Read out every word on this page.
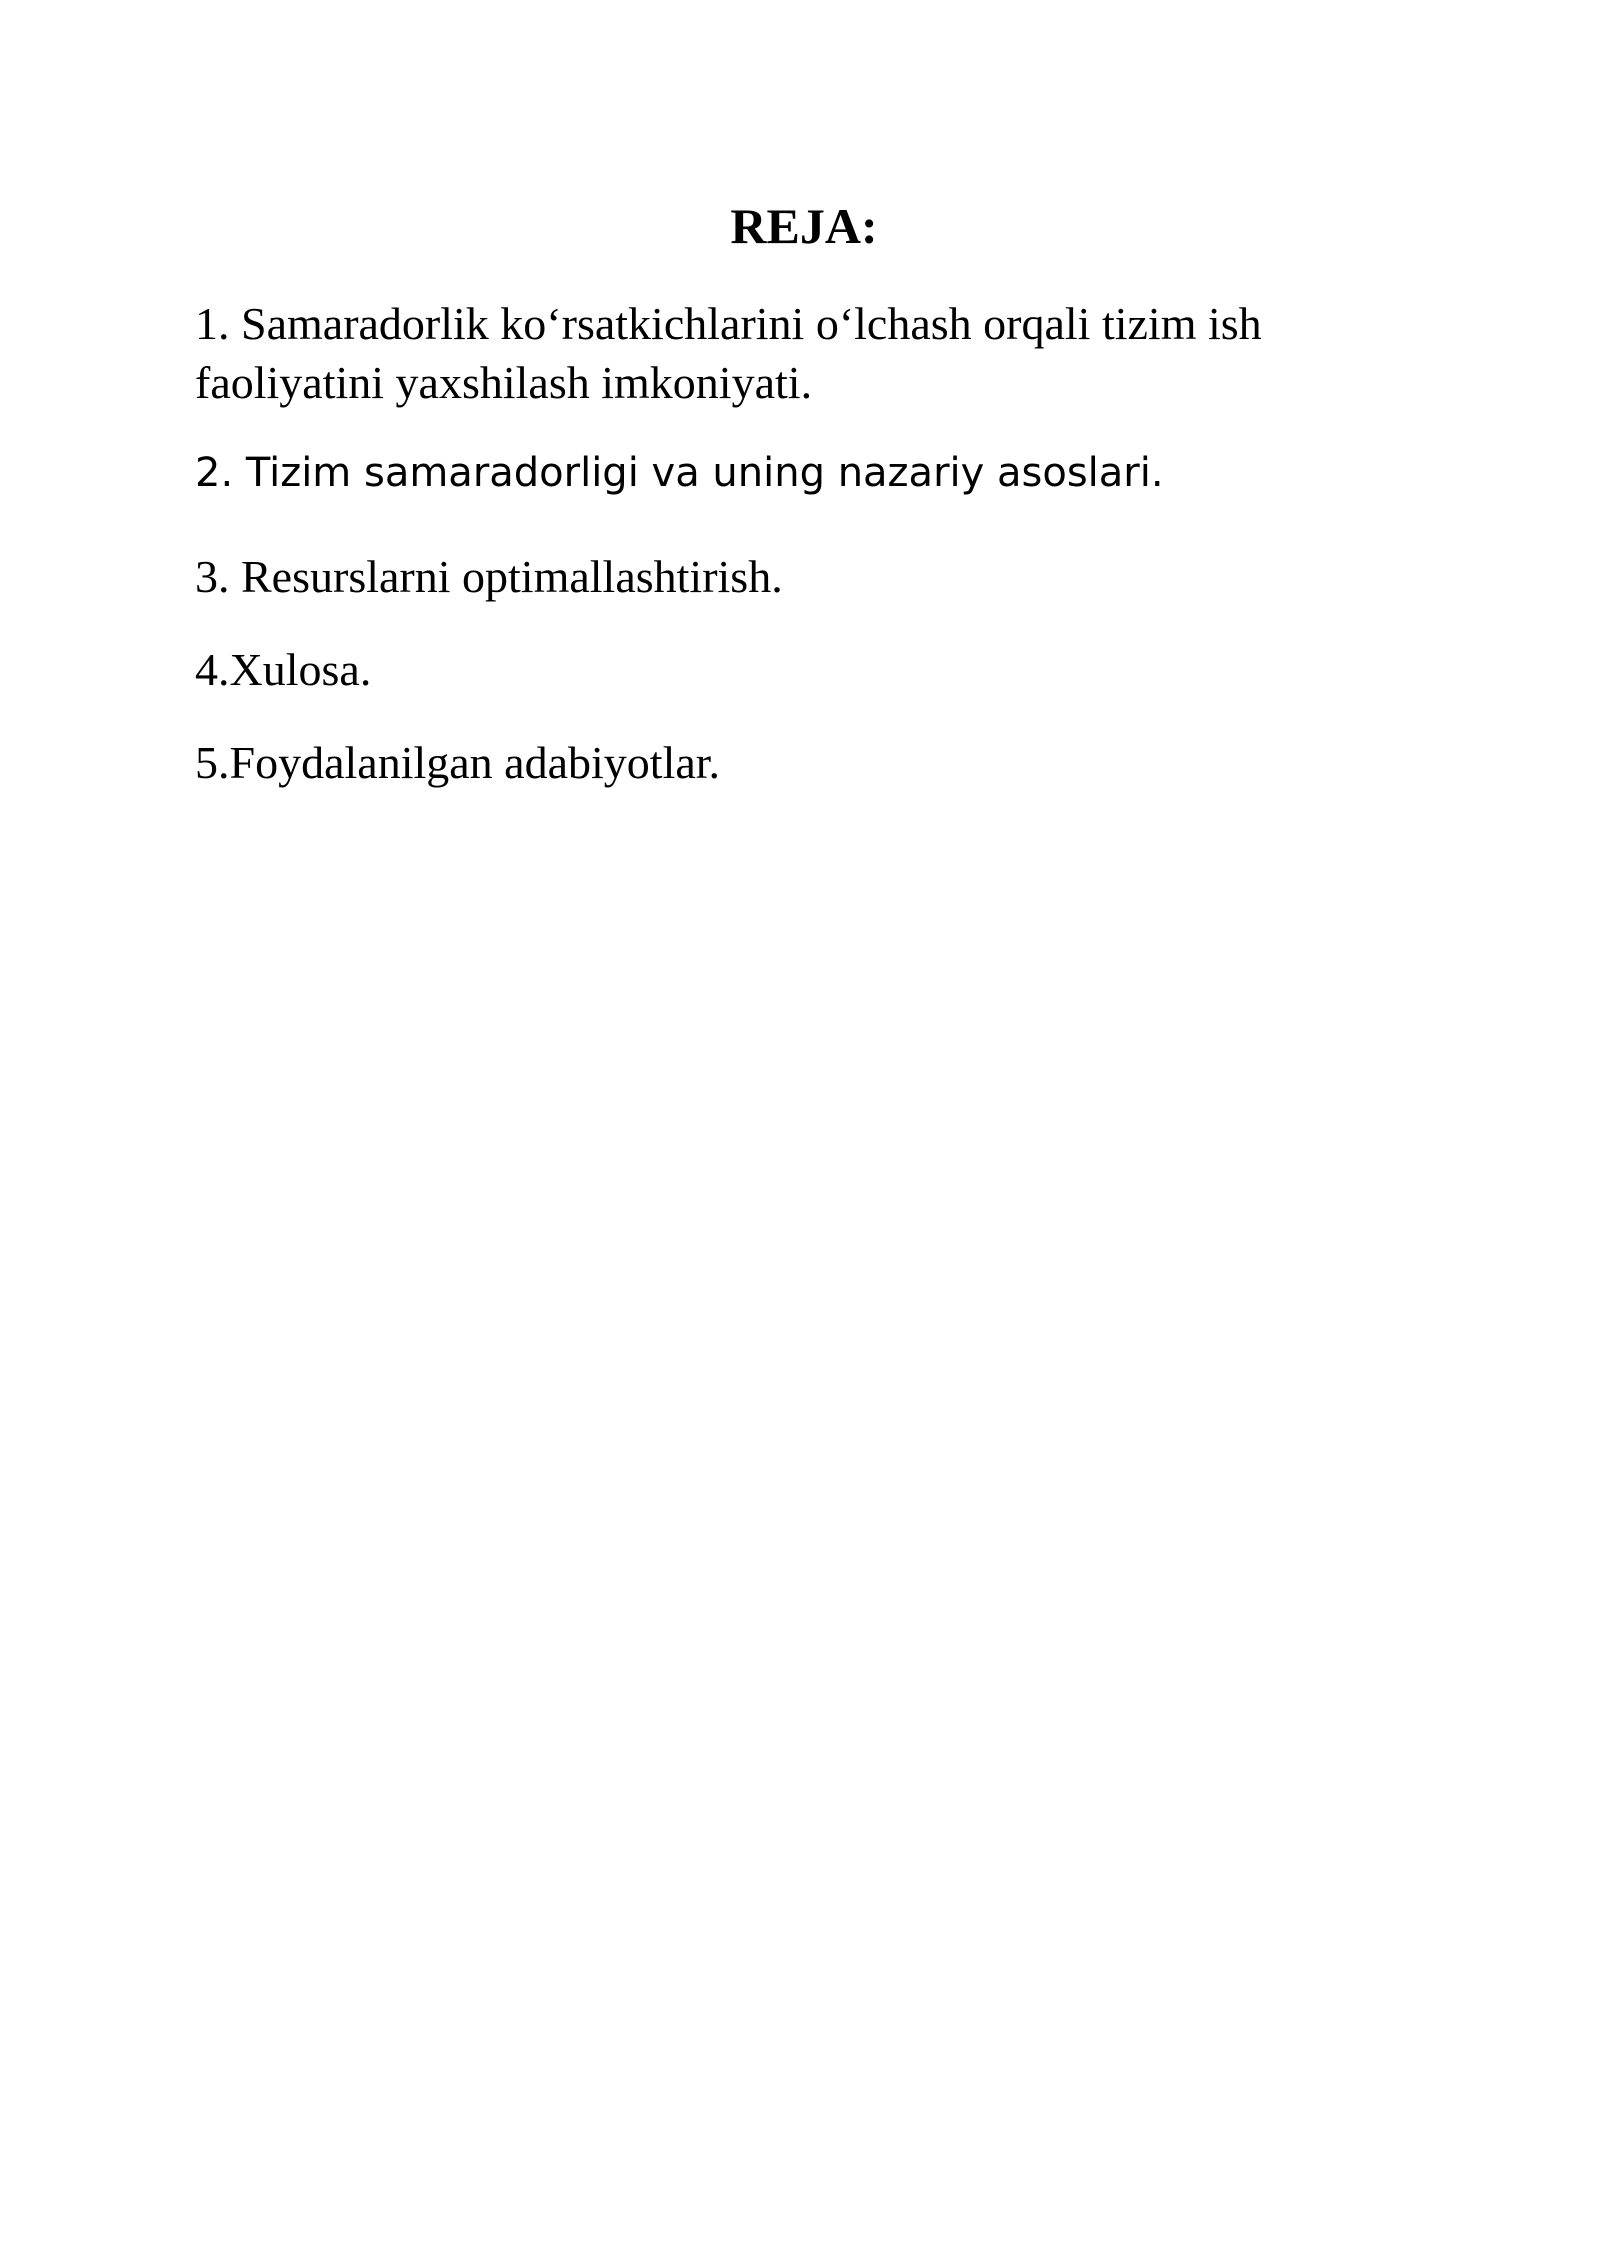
REJA:

1. Samaradorlik ko‘rsatkichlarini o‘lchash orqali tizim ish faoliyatini yaxshilash imkoniyati.

2. Tizim samaradorligi va uning nazariy asoslari.

3. Resurslarni optimallashtirish.

4.Xulosa.

5.Foydalanilgan adabiyotlar.
